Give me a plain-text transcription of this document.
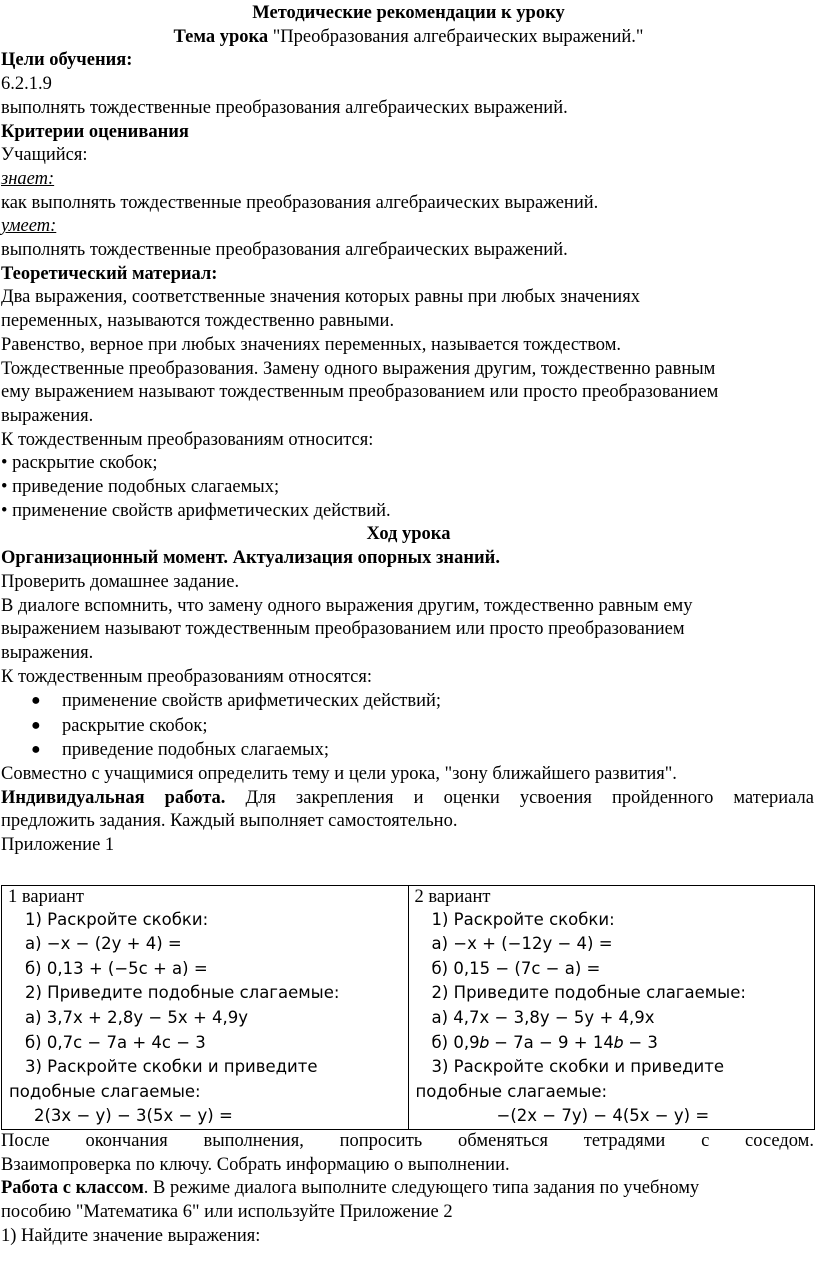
Методические рекомендации к уроку
Тема урока "Преобразования алгебраических выражений."
Цели обучения:
6.2.1.9
выполнять тождественные преобразования алгебраических выражений.
Критерии оценивания
Учащийся:
знает:
как выполнять тождественные преобразования алгебраических выражений.
умеет:
выполнять тождественные преобразования алгебраических выражений.
Теоретический материал:
Два выражения, соответственные значения которых равны при любых значениях
переменных, называются тождественно равными.
Равенство, верное при любых значениях переменных, называется тождеством.
Тождественные преобразования. Замену одного выражения другим, тождественно равным
ему выражением называют тождественным преобразованием или просто преобразованием
выражения.
К тождественным преобразованиям относится:
• раскрытие скобок;
• приведение подобных слагаемых;
• применение свойств арифметических действий.
Ход урока
Организационный момент. Актуализация опорных знаний.
Проверить домашнее задание.
В диалоге вспомнить, что замену одного выражения другим, тождественно равным ему
выражением называют тождественным преобразованием или просто преобразованием
выражения.
К тождественным преобразованиям относятся:
● применение свойств арифметических действий;
● раскрытие скобок;
● приведение подобных слагаемых;
Совместно с учащимися определить тему и цели урока, "зону ближайшего развития".
Индивидуальная работа. Для закрепления и оценки усвоения пройденного материала
предложить задания. Каждый выполняет самостоятельно.
Приложение 1
1 вариант
1) Раскройте скобки:
а) −x − (2y + 4) =
б) 0,13 + (−5c + a) =
2) Приведите подобные слагаемые:
а) 3,7x + 2,8y − 5x + 4,9y
б) 0,7c − 7a + 4c − 3
3) Раскройте скобки и приведите
подобные слагаемые:
2(3x − y) − 3(5x − y) =

2 вариант
1) Раскройте скобки:
а) −x + (−12y − 4) =
б) 0,15 − (7c − a) =
2) Приведите подобные слагаемые:
а) 4,7x − 3,8y − 5y + 4,9x
б) 0,9𝑏 − 7a − 9 + 14𝑏 − 3
3) Раскройте скобки и приведите
подобные слагаемые:
−(2x − 7y) − 4(5x − y) =
После окончания выполнения, попросить обменяться тетрадями с соседом.
Взаимопроверка по ключу. Собрать информацию о выполнении.
Работа с классом. В режиме диалога выполните следующего типа задания по учебному
пособию "Математика 6" или используйте Приложение 2
1) Найдите значение выражения:
